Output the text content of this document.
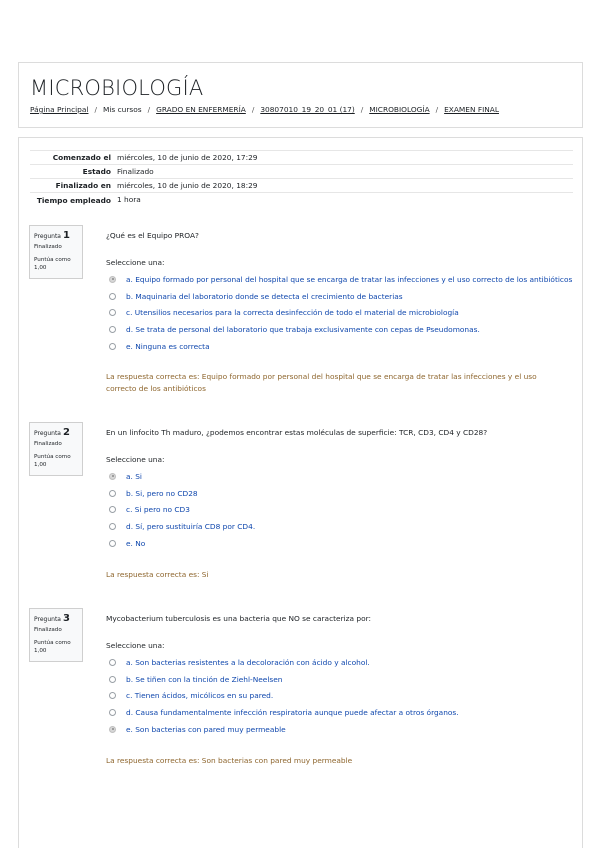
MICROBIOLOGÍA
Página Principal / Mis cursos / GRADO EN ENFERMERÍA / 30807010_19_20_01 (17) / MICROBIOLOGÍA / EXAMEN FINAL
Comenzado el miércoles, 10 de junio de 2020, 17:29
Estado Finalizado
Finalizado en miércoles, 10 de junio de 2020, 18:29
Tiempo empleado 1 hora
Pregunta 1
Finalizado
Puntúa como 1,00
¿Qué es el Equipo PROA?
Seleccione una:
a. Equipo formado por personal del hospital que se encarga de tratar las infecciones y el uso correcto de los antibióticos
b. Maquinaria del laboratorio donde se detecta el crecimiento de bacterias
c. Utensilios necesarios para la correcta desinfección de todo el material de microbiología
d. Se trata de personal del laboratorio que trabaja exclusivamente con cepas de Pseudomonas.
e. Ninguna es correcta
La respuesta correcta es: Equipo formado por personal del hospital que se encarga de tratar las infecciones y el uso correcto de los antibióticos
Pregunta 2
Finalizado
Puntúa como 1,00
En un linfocito Th maduro, ¿podemos encontrar estas moléculas de superficie: TCR, CD3, CD4 y CD28?
Seleccione una:
a. Si
b. Si, pero no CD28
c. Si pero no CD3
d. Sí, pero sustituiría CD8 por CD4.
e. No
La respuesta correcta es: Si
Pregunta 3
Finalizado
Puntúa como 1,00
Mycobacterium tuberculosis es una bacteria que NO se caracteriza por:
Seleccione una:
a. Son bacterias resistentes a la decoloración con ácido y alcohol.
b. Se tiñen con la tinción de Ziehl-Neelsen
c. Tienen ácidos, micólicos en su pared.
d. Causa fundamentalmente infección respiratoria aunque puede afectar a otros órganos.
e. Son bacterias con pared muy permeable
La respuesta correcta es: Son bacterias con pared muy permeable
